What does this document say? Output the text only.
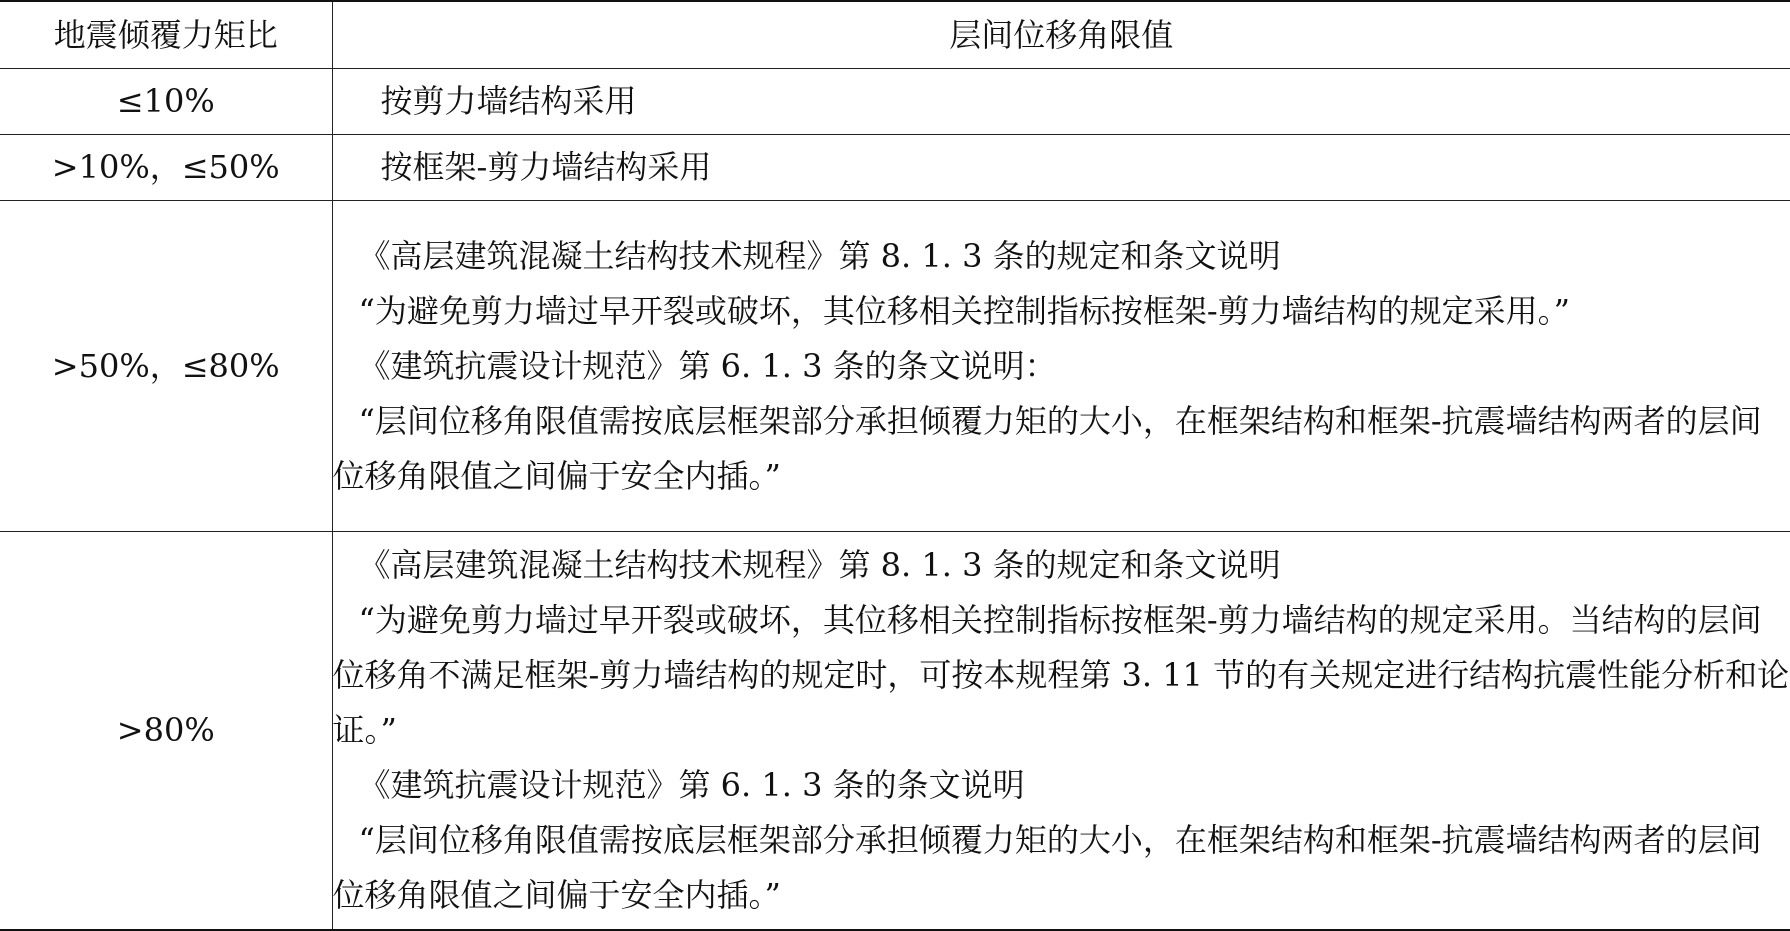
地震倾覆力矩比	层间位移角限值
≤10%	按剪力墙结构采用

>10%，≤50%	按框架-剪力墙结构采用

>50%，≤80%	《高层建筑混凝土结构技术规程》第 8. 1. 3 条的规定和条文说明
“为避免剪力墙过早开裂或破坏，其位移相关控制指标按框架-剪力墙结构的规定采用。”
《建筑抗震设计规范》第 6. 1. 3 条的条文说明：
“层间位移角限值需按底层框架部分承担倾覆力矩的大小，在框架结构和框架-抗震墙结构两者的层间位移角限值之间偏于安全内插。”

>80%	《高层建筑混凝土结构技术规程》第 8. 1. 3 条的规定和条文说明
“为避免剪力墙过早开裂或破坏，其位移相关控制指标按框架-剪力墙结构的规定采用。当结构的层间位移角不满足框架-剪力墙结构的规定时，可按本规程第 3. 11 节的有关规定进行结构抗震性能分析和论证。”
《建筑抗震设计规范》第 6. 1. 3 条的条文说明
“层间位移角限值需按底层框架部分承担倾覆力矩的大小，在框架结构和框架-抗震墙结构两者的层间位移角限值之间偏于安全内插。”
